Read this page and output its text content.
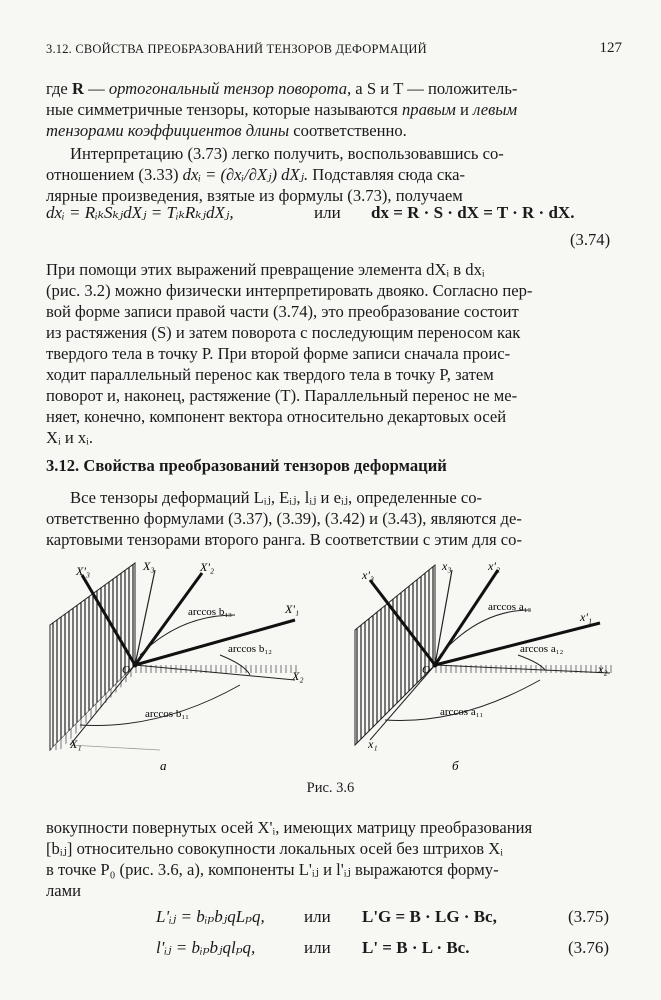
3.12. СВОЙСТВА ПРЕОБРАЗОВАНИЙ ТЕНЗОРОВ ДЕФОРМАЦИЙ	127
где R — ортогональный тензор поворота, а S и T — положитель-
ные симметричные тензоры, которые называются правым и левым
тензорами коэффициентов длины соответственно.
Интерпретацию (3.73) легко получить, воспользовавшись со-
отношением (3.33) dxᵢ = (∂xᵢ/∂Xⱼ) dXⱼ. Подставляя сюда ска-
лярные произведения, взятые из формулы (3.73), получаем
dxᵢ = RᵢₖSₖⱼdXⱼ = TᵢₖRₖⱼdXⱼ,	или dx = R · S · dX = T · R · dX.
(3.74)
При помощи этих выражений превращение элемента dXᵢ в dxᵢ
(рис. 3.2) можно физически интерпретировать двояко. Согласно пер-
вой форме записи правой части (3.74), это преобразование состоит
из растяжения (S) и затем поворота с последующим переносом как
твердого тела в точку P. При второй форме записи сначала проис-
ходит параллельный перенос как твердого тела в точку P, затем
поворот и, наконец, растяжение (T). Параллельный перенос не ме-
няет, конечно, компонент вектора относительно декартовых осей
Xᵢ и xᵢ.
3.12. Свойства преобразований тензоров деформаций
Все тензоры деформаций Lᵢⱼ, Eᵢⱼ, lᵢⱼ и eᵢⱼ, определенные со-
ответственно формулами (3.37), (3.39), (3.42) и (3.43), являются де-
картовыми тензорами второго ранга. В соответствии с этим для со-
X'₃	X₃	X'₂
X'₁
X₂
X₁
O
arccos b₁₃
arccos b₁₂
arccos b₁₁
а
x'₃
x₃	x'₂
x'₁
x₂
x₁
O
arccos a₁₃
arccos a₁₂
arccos a₁₁
б
Рис. 3.6
вокупности повернутых осей X'ᵢ, имеющих матрицу преобразования
[bᵢⱼ] относительно совокупности локальных осей без штрихов Xᵢ
в точке P₀ (рис. 3.6, а), компоненты L'ᵢⱼ и l'ᵢⱼ выражаются форму-
лами
L'ᵢⱼ = bᵢₚbⱼqLₚq, или L'G = B · LG · Bc,	(3.75)
l'ᵢⱼ = bᵢₚbⱼqlₚq,	или L' = B · L · Bc.	(3.76)
